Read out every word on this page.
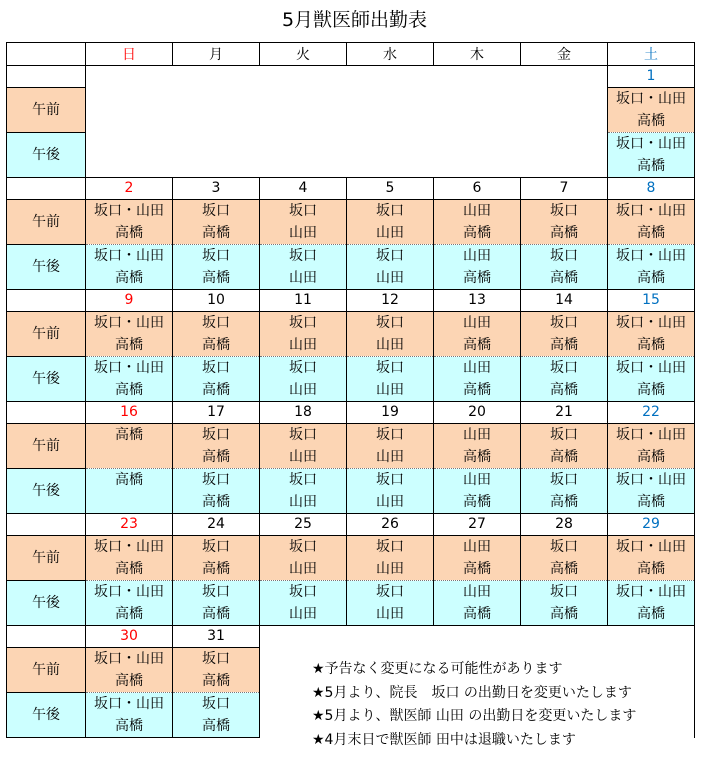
5月獣医師出勤表
	日	月	火	水	木	金	土
							1
午前							坂口・山田
							高橋
午後							坂口・山田
							高橋
	2	3	4	5	6	7	8
午前	坂口・山田	坂口	坂口	坂口	山田	坂口	坂口・山田
	高橋	高橋	山田	山田	高橋	高橋	高橋
午後	坂口・山田	坂口	坂口	坂口	山田	坂口	坂口・山田
	高橋	高橋	山田	山田	高橋	高橋	高橋
	9	10	11	12	13	14	15
午前	坂口・山田	坂口	坂口	坂口	山田	坂口	坂口・山田
	高橋	高橋	山田	山田	高橋	高橋	高橋
午後	坂口・山田	坂口	坂口	坂口	山田	坂口	坂口・山田
	高橋	高橋	山田	山田	高橋	高橋	高橋
	16	17	18	19	20	21	22
午前	高橋	坂口	坂口	坂口	山田	坂口	坂口・山田
		高橋	山田	山田	高橋	高橋	高橋
午後	高橋	坂口	坂口	坂口	山田	坂口	坂口・山田
		高橋	山田	山田	高橋	高橋	高橋
	23	24	25	26	27	28	29
午前	坂口・山田	坂口	坂口	坂口	山田	坂口	坂口・山田
	高橋	高橋	山田	山田	高橋	高橋	高橋
午後	坂口・山田	坂口	坂口	坂口	山田	坂口	坂口・山田
	高橋	高橋	山田	山田	高橋	高橋	高橋
	30	31					
午前	坂口・山田	坂口					
	高橋	高橋					
午後	坂口・山田	坂口					
	高橋	高橋					
★予告なく変更になる可能性があります
★5月より、院長　坂口 の出勤日を変更いたします
★5月より、獣医師 山田 の出勤日を変更いたします
★4月末日で獣医師 田中は退職いたします
